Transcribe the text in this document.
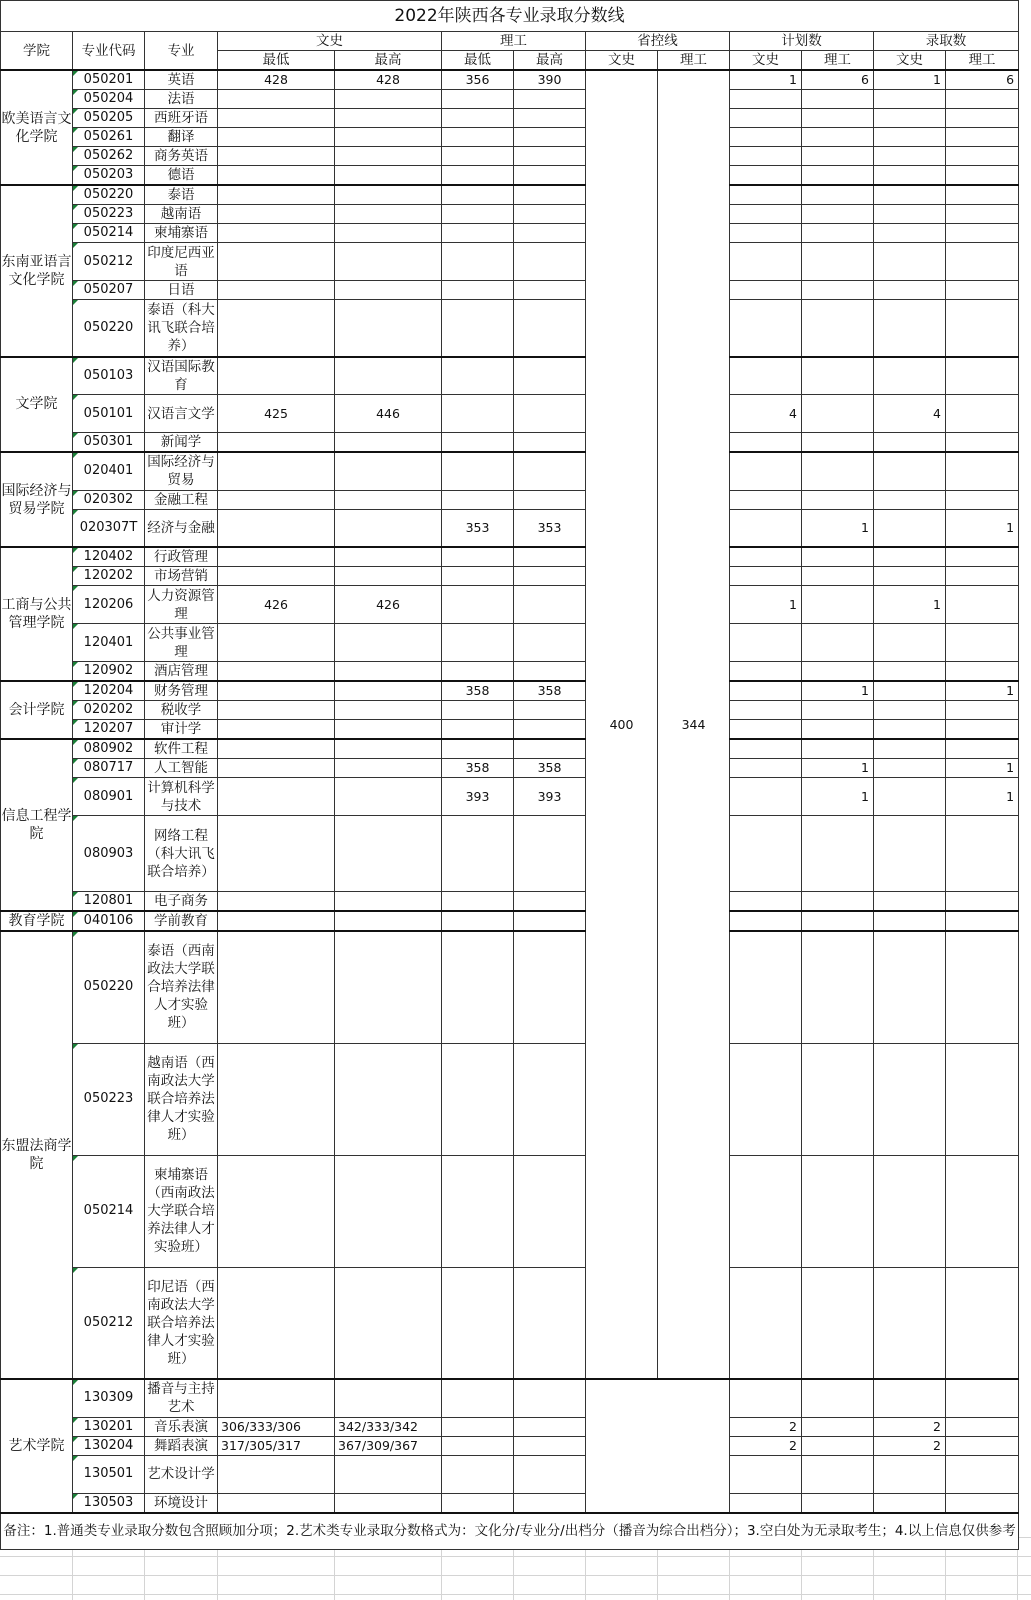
2022年陕西各专业录取分数线												
学院	专业代码	专业	文史		理工		省控线		计划数		录取数	
			最低	最高	最低	最高	文史	理工	文史	理工	文史	理工
欧美语言文化学院	050201	英语	428	428	356	390	400	344	1	6	1	6
	050204	法语										
	050205	西班牙语										
	050261	翻译										
	050262	商务英语										
	050203	德语										
东南亚语言文化学院	050220	泰语										
	050223	越南语										
	050214	柬埔寨语										
	050212	印度尼西亚语										
	050207	日语										
	050220	泰语（科大讯飞联合培养）										
文学院	050103	汉语国际教育										
	050101	汉语言文学	425	446					4		4	
	050301	新闻学										
国际经济与贸易学院	020401	国际经济与贸易										
	020302	金融工程										
	020307T	经济与金融			353	353				1		1
工商与公共管理学院	120402	行政管理										
	120202	市场营销										
	120206	人力资源管理	426	426					1		1	
	120401	公共事业管理										
	120902	酒店管理										
会计学院	120204	财务管理			358	358				1		1
	020202	税收学										
	120207	审计学										
信息工程学院	080902	软件工程										
	080717	人工智能			358	358				1		1
	080901	计算机科学与技术			393	393				1		1
	080903	网络工程（科大讯飞联合培养）										
	120801	电子商务										
教育学院	040106	学前教育										
东盟法商学院	050220	泰语（西南政法大学联合培养法律人才实验班）										
	050223	越南语（西南政法大学联合培养法律人才实验班）										
	050214	柬埔寨语（西南政法大学联合培养法律人才实验班）										
	050212	印尼语（西南政法大学联合培养法律人才实验班）										
艺术学院	130309	播音与主持艺术										
	130201	音乐表演	306/333/306	342/333/342					2		2	
	130204	舞蹈表演	317/305/317	367/309/367					2		2	
	130501	艺术设计学										
	130503	环境设计										
备注：1.普通类专业录取分数包含照顾加分项；2.艺术类专业录取分数格式为：文化分/专业分/出档分（播音为综合出档分）；3.空白处为无录取考生；4.以上信息仅供参考												
